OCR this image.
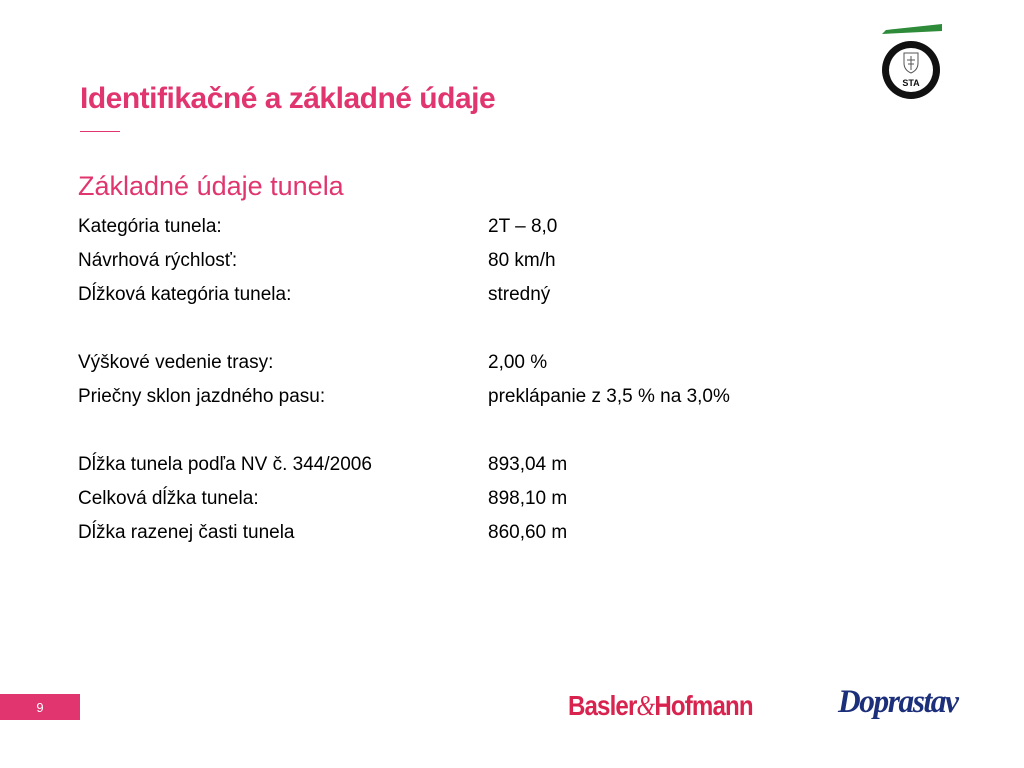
STA
Identifikačné a základné údaje
Základné údaje tunela
Kategória tunela:	2T – 8,0
Návrhová rýchlosť:	80 km/h
Dĺžková kategória tunela:	stredný
Výškové vedenie trasy:	2,00 %
Priečny sklon jazdného pasu:	preklápanie z 3,5 % na 3,0%
Dĺžka tunela podľa NV č. 344/2006	893,04 m
Celková dĺžka tunela:	898,10 m
Dĺžka razenej časti tunela	860,60 m
9	Basler&Hofmann	Doprastav
